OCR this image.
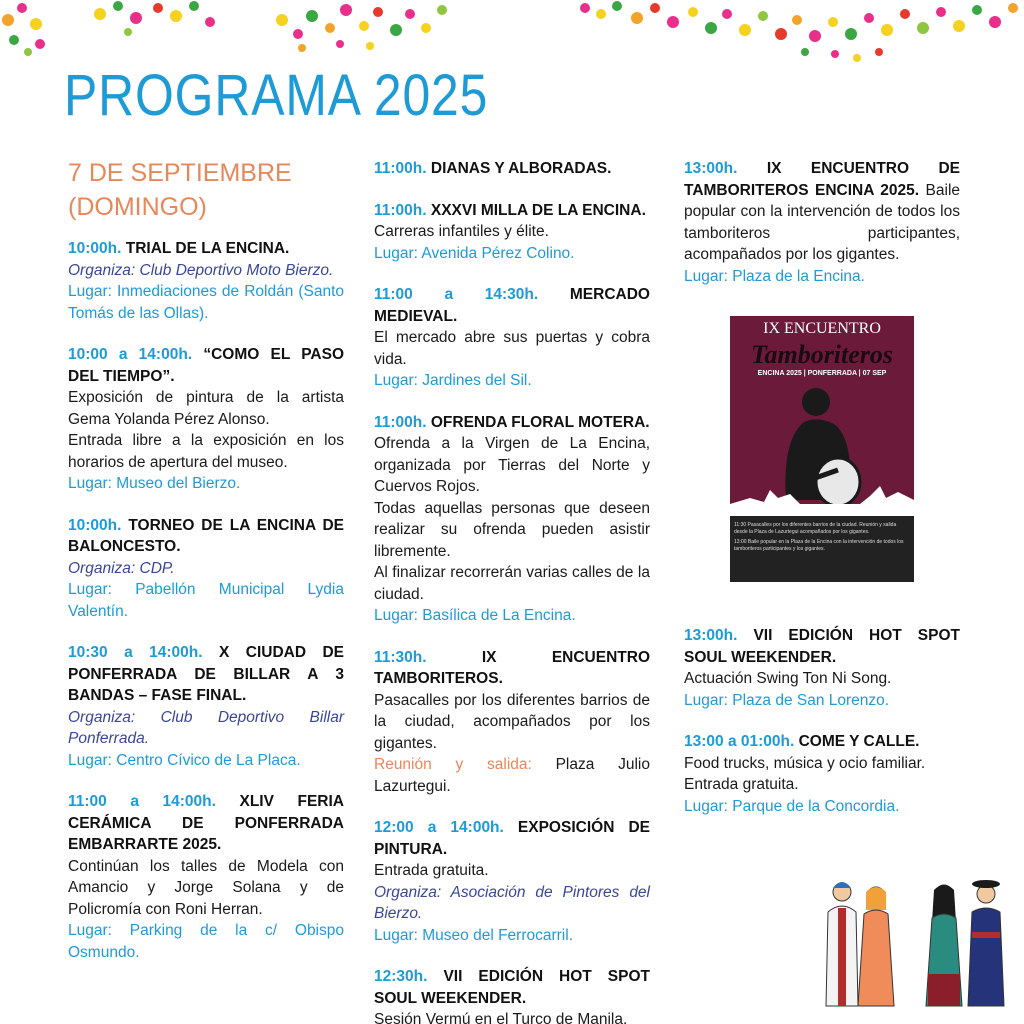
PROGRAMA 2025
7 DE SEPTIEMBRE
(DOMINGO)

10:00h. TRIAL DE LA ENCINA.

Organiza: Club Deportivo Moto Bierzo.

Lugar: Inmediaciones de Roldán (Santo Tomás de las Ollas).

10:00 a 14:00h. “COMO EL PASO DEL TIEMPO”.

Exposición de pintura de la artista Gema Yolanda Pérez Alonso.

Entrada libre a la exposición en los horarios de apertura del museo.

Lugar: Museo del Bierzo.

10:00h. TORNEO DE LA ENCINA DE BALONCESTO.

Organiza: CDP.

Lugar: Pabellón Municipal Lydia Valentín.

10:30 a 14:00h. X CIUDAD DE PONFERRADA DE BILLAR A 3 BANDAS – FASE FINAL.

Organiza: Club Deportivo Billar Ponferrada.

Lugar: Centro Cívico de La Placa.

11:00 a 14:00h. XLIV FERIA CERÁMICA DE PONFERRADA EMBARRARTE 2025.

Continúan los talles de Modela con Amancio y Jorge Solana y de Policromía con Roni Herran.

Lugar: Parking de la c/ Obispo Osmundo.

11:00h. DIANAS Y ALBORADAS.

11:00h. XXXVI MILLA DE LA ENCINA.

Carreras infantiles y élite.

Lugar: Avenida Pérez Colino.

11:00 a 14:30h. MERCADO MEDIEVAL.

El mercado abre sus puertas y cobra vida.

Lugar: Jardines del Sil.

11:00h. OFRENDA FLORAL MOTERA.

Ofrenda a la Virgen de La Encina, organizada por Tierras del Norte y Cuervos Rojos.

Todas aquellas personas que deseen realizar su ofrenda pueden asistir libremente.

Al finalizar recorrerán varias calles de la ciudad.

Lugar: Basílica de La Encina.

11:30h.	IX ENCUENTRO TAMBORITEROS.

Pasacalles por los diferentes barrios de la ciudad, acompañados por los gigantes.

Reunión y salida: Plaza Julio Lazurtegui.

12:00 a 14:00h. EXPOSICIÓN DE PINTURA.

Entrada gratuita.

Organiza: Asociación de Pintores del Bierzo.

Lugar: Museo del Ferrocarril.

12:30h. VII EDICIÓN HOT SPOT SOUL WEEKENDER.

Sesión Vermú en el Turco de Manila.

13:00h. IX ENCUENTRO DE TAMBORITEROS ENCINA 2025. Baile popular con la intervención de todos los tamboriteros participantes, acompañados por los gigantes.

Lugar: Plaza de la Encina.

13:00h. VII EDICIÓN HOT SPOT SOUL WEEKENDER.

Actuación Swing Ton Ni Song.

Lugar: Plaza de San Lorenzo.

13:00 a 01:00h. COME Y CALLE.

Food trucks, música y ocio familiar.

Entrada gratuita.

Lugar: Parque de la Concordia.

IX ENCUENTRO
Tamboriteros
ENCINA 2025 | PONFERRADA | 07 SEP
11:30 Pasacalles por los diferentes barrios de la ciudad. Reunión y salida desde la Plaza de Lazurtegui acompañados por los gigantes.
13:00 Baile popular en la Plaza de la Encina con la intervención de todos los tamboriteros participantes y los gigantes.
